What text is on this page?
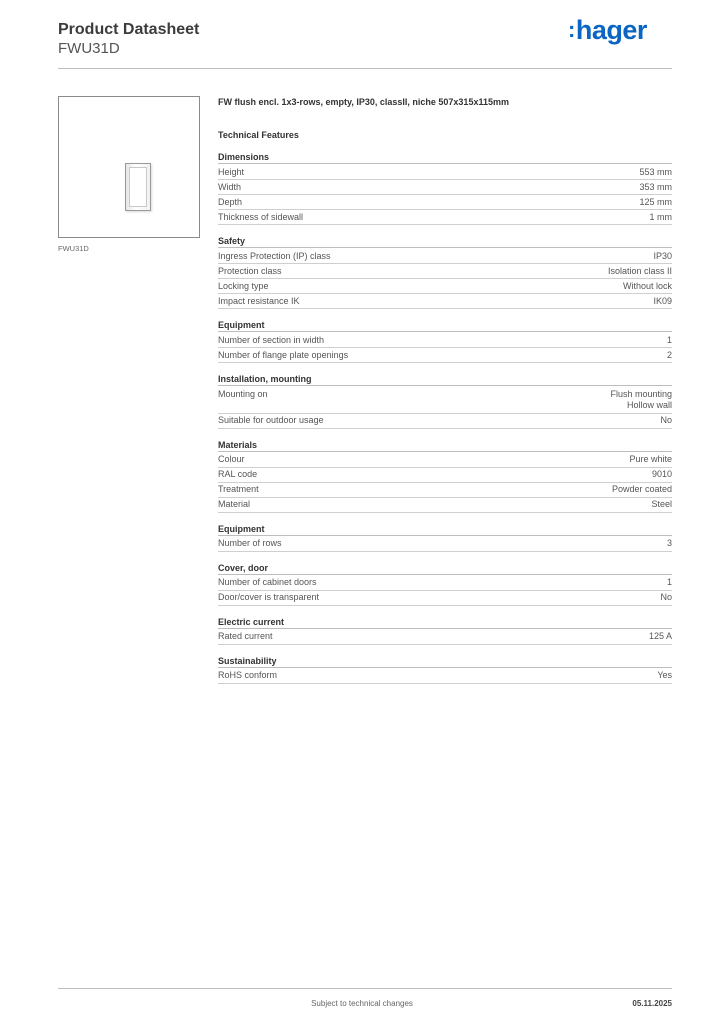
Product Datasheet
FWU31D
:hager
FWU31D
FW flush encl. 1x3-rows, empty, IP30, classII, niche 507x315x115mm
Technical Features
Dimensions
Height	553 mm
Width	353 mm
Depth	125 mm
Thickness of sidewall	1 mm
Safety
Ingress Protection (IP) class	IP30
Protection class	Isolation class II
Locking type	Without lock
Impact resistance IK	IK09
Equipment
Number of section in width	1
Number of flange plate openings	2
Installation, mounting
Mounting on	Flush mounting
Hollow wall
Suitable for outdoor usage	No
Materials
Colour	Pure white
RAL code	9010
Treatment	Powder coated
Material	Steel
Equipment
Number of rows	3
Cover, door
Number of cabinet doors	1
Door/cover is transparent	No
Electric current
Rated current	125 A
Sustainability
RoHS conform	Yes
Subject to technical changes	05.11.2025
